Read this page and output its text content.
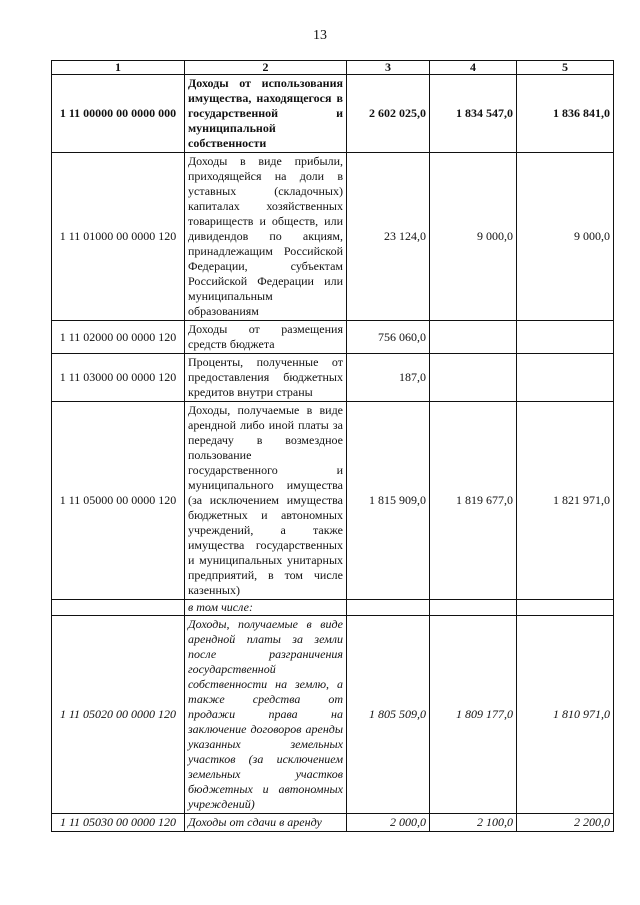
13
1	2	3	4	5
1 11 00000 00 0000 000	Доходы от использования имущества, находящегося в государственной и муниципальной собственности	2 602 025,0	1 834 547,0	1 836 841,0
1 11 01000 00 0000 120	Доходы в виде прибыли, приходящейся на доли в уставных (складочных) капиталах хозяйственных товариществ и обществ, или дивидендов по акциям, принадлежащим Российской Федерации, субъектам Российской Федерации или муниципальным образованиям	23 124,0	9 000,0	9 000,0
1 11 02000 00 0000 120	Доходы от размещения средств бюджета	756 060,0		
1 11 03000 00 0000 120	Проценты, полученные от предоставления бюджетных кредитов внутри страны	187,0		
1 11 05000 00 0000 120	Доходы, получаемые в виде арендной либо иной платы за передачу в возмездное пользование государственного и муниципального имущества (за исключением имущества бюджетных и автономных учреждений, а также имущества государственных и муниципальных унитарных предприятий, в том числе казенных)	1 815 909,0	1 819 677,0	1 821 971,0
	в том числе:			
1 11 05020 00 0000 120	Доходы, получаемые в виде арендной платы за земли после разграничения государственной собственности на землю, а также средства от продажи права на заключение договоров аренды указанных земельных участков (за исключением земельных участков бюджетных и автономных учреждений)	1 805 509,0	1 809 177,0	1 810 971,0
1 11 05030 00 0000 120	Доходы от сдачи в аренду	2 000,0	2 100,0	2 200,0
